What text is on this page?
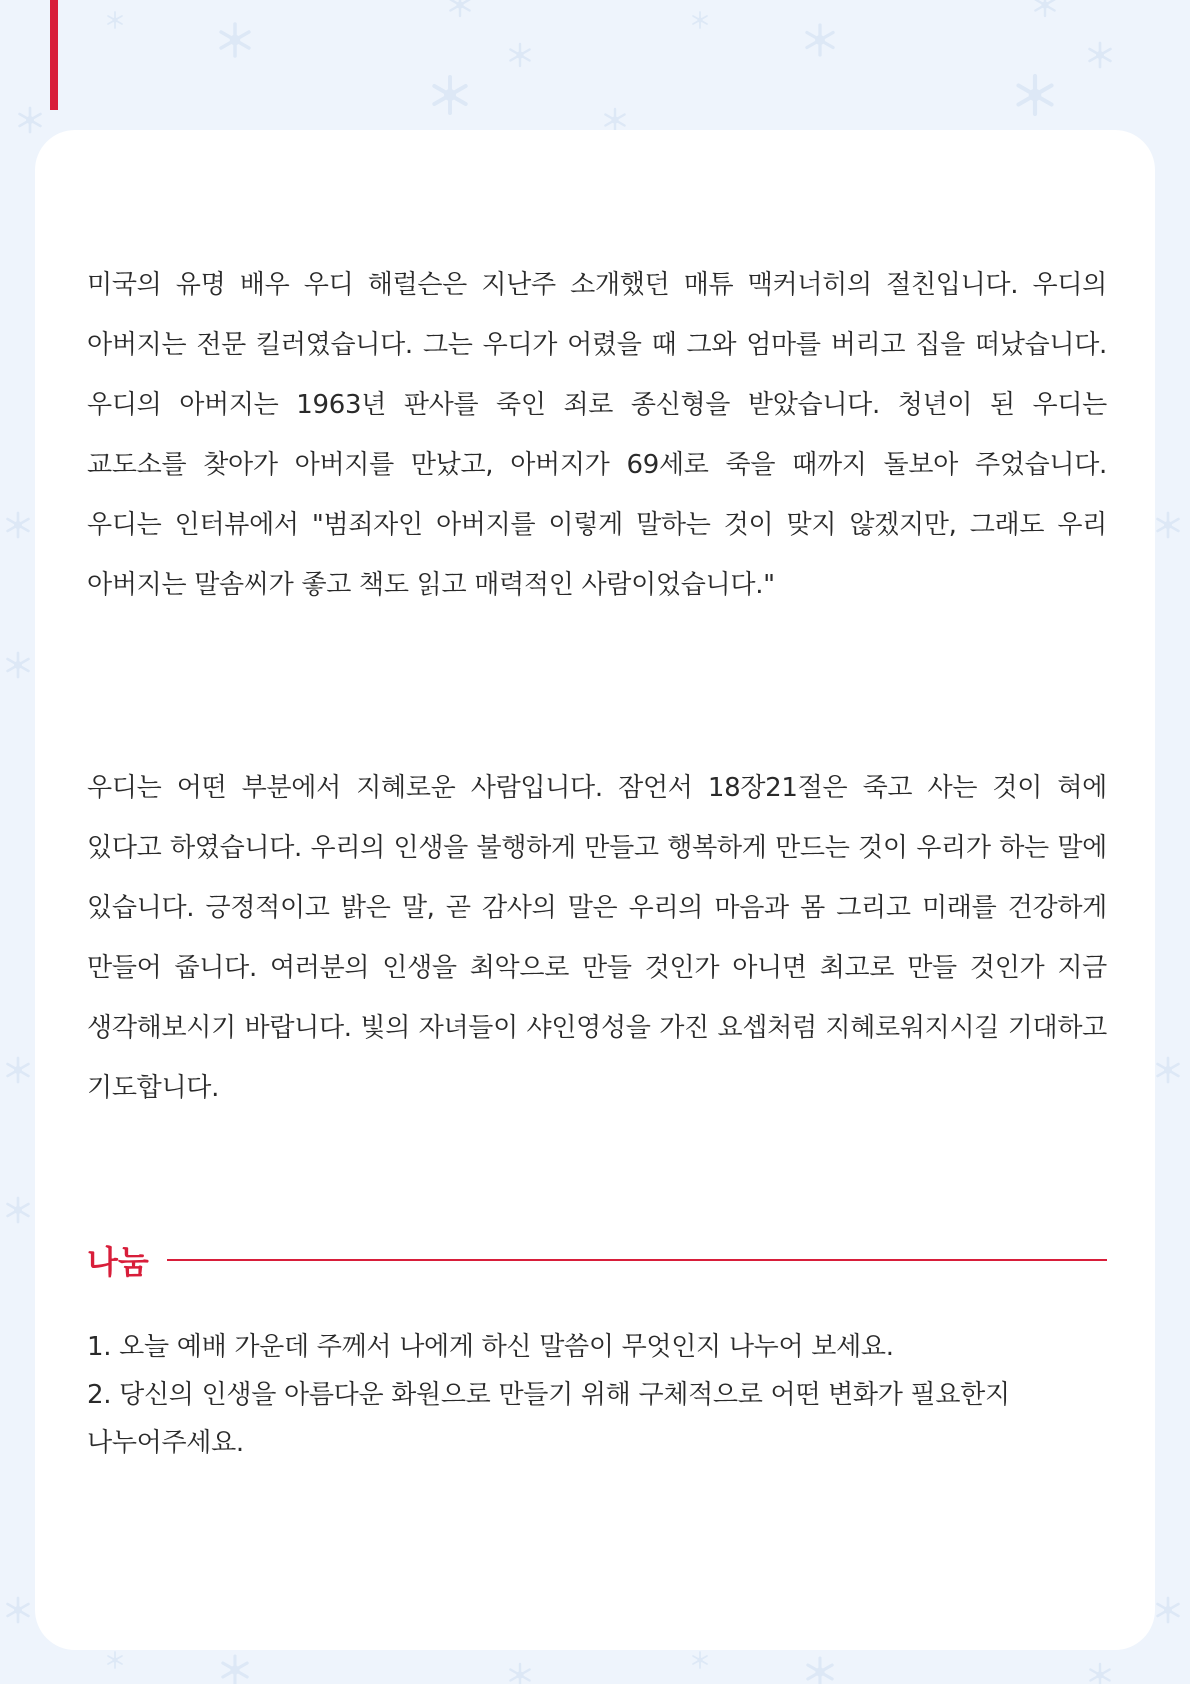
미국의 유명 배우 우디 해럴슨은 지난주 소개했던 매튜 맥커너히의 절친입니다. 우디의 아버지는 전문 킬러였습니다. 그는 우디가 어렸을 때 그와 엄마를 버리고 집을 떠났습니다. 우디의 아버지는 1963년 판사를 죽인 죄로 종신형을 받았습니다. 청년이 된 우디는 교도소를 찾아가 아버지를 만났고, 아버지가 69세로 죽을 때까지 돌보아 주었습니다. 우디는 인터뷰에서 "범죄자인 아버지를 이렇게 말하는 것이 맞지 않겠지만, 그래도 우리 아버지는 말솜씨가 좋고 책도 읽고 매력적인 사람이었습니다."

우디는 어떤 부분에서 지혜로운 사람입니다. 잠언서 18장21절은 죽고 사는 것이 혀에 있다고 하였습니다. 우리의 인생을 불행하게 만들고 행복하게 만드는 것이 우리가 하는 말에 있습니다. 긍정적이고 밝은 말, 곧 감사의 말은 우리의 마음과 몸 그리고 미래를 건강하게 만들어 줍니다. 여러분의 인생을 최악으로 만들 것인가 아니면 최고로 만들 것인가 지금 생각해보시기 바랍니다. 빛의 자녀들이 샤인영성을 가진 요셉처럼 지혜로워지시길 기대하고 기도합니다.

나눔
1. 오늘 예배 가운데 주께서 나에게 하신 말씀이 무엇인지 나누어 보세요.
2. 당신의 인생을 아름다운 화원으로 만들기 위해 구체적으로 어떤 변화가 필요한지 나누어주세요.
